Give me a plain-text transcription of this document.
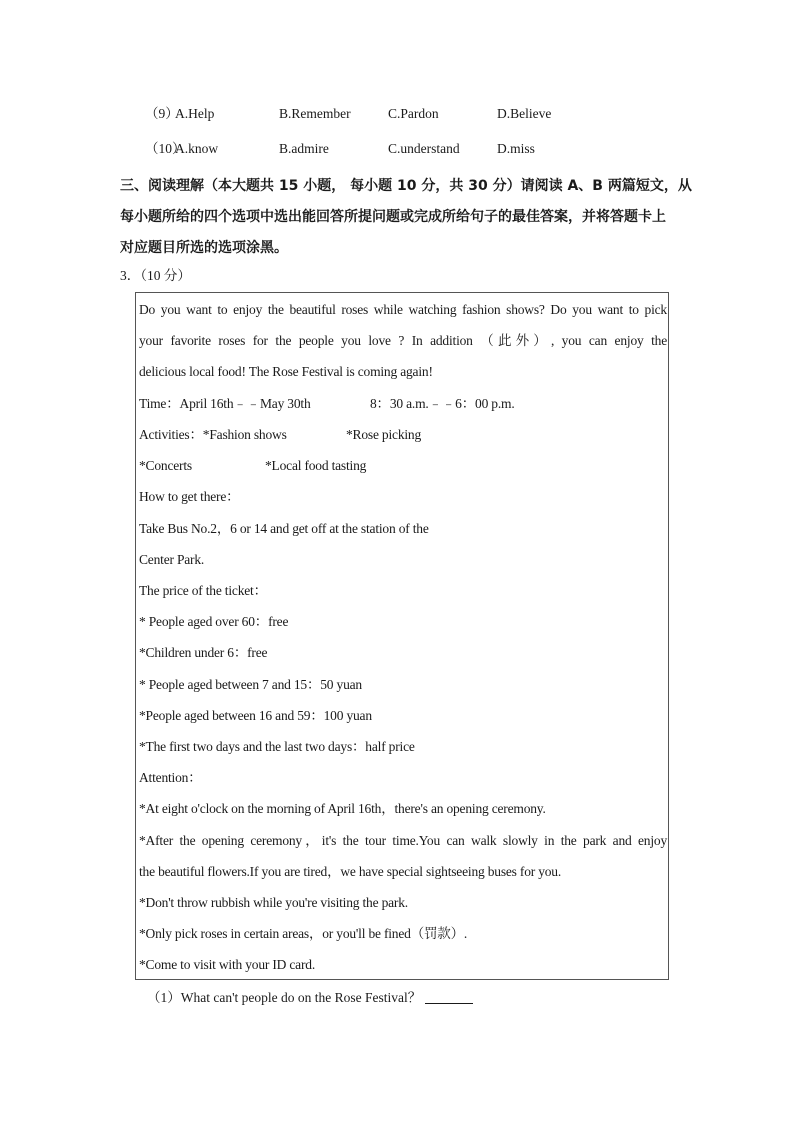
（9）
A.Help	B.Remember	C.Pardon	D.Believe
（10）
A.know	B.admire	C.understand	D.miss
三、阅读理解（本大题共 15 小题， 每小题 10 分，共 30 分）请阅读 A、B 两篇短文，从
每小题所给的四个选项中选出能回答所提问题或完成所给句子的最佳答案，并将答题卡上
对应题目所选的选项涂黑。
3．（10 分）
Do you want to enjoy the beautiful roses while watching fashion shows? Do you want to pick
your favorite roses for the people you love ? In addition （此外）, you can enjoy the
delicious local food! The Rose Festival is coming again!
Time：April 16th﹣﹣May 30th	8：30 a.m.﹣﹣6：00 p.m.
Activities：*Fashion shows	*Rose picking
*Concerts	*Local food tasting
How to get there：
Take Bus No.2，6 or 14 and get off at the station of the
Center Park.
The price of the ticket：
* People aged over 60：free
*Children under 6：free
* People aged between 7 and 15：50 yuan
*People aged between 16 and 59：100 yuan
*The first two days and the last two days：half price
Attention：
*At eight o'clock on the morning of April 16th，there's an opening ceremony.
*After the opening ceremony，it's the tour time.You can walk slowly in the park and enjoy
the beautiful flowers.If you are tired，we have special sightseeing buses for you.
*Don't throw rubbish while you're visiting the park.
*Only pick roses in certain areas，or you'll be fined（罚款）.
*Come to visit with your ID card.
（1）What can't people do on the Rose Festival？
